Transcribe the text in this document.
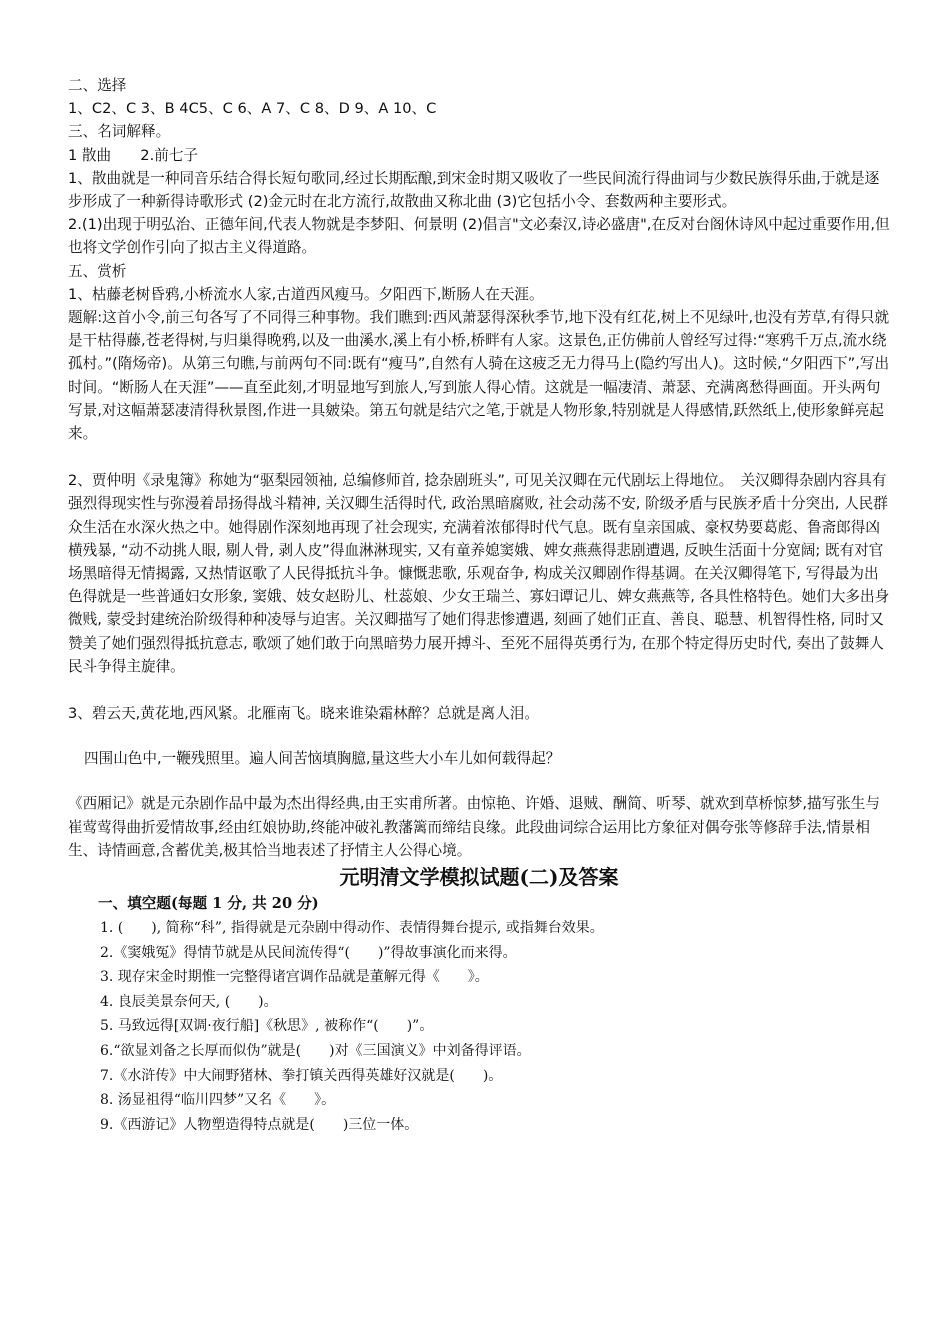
二、选择

1、C2、C 3、B 4C5、C 6、A 7、C 8、D 9、A 10、C

三、名词解释。

1 散曲　　2.前七子

1、散曲就是一种同音乐结合得长短句歌同,经过长期酝酿,到宋金时期又吸收了一些民间流行得曲词与少数民族得乐曲,于就是逐步形成了一种新得诗歌形式 (2)金元时在北方流行,故散曲又称北曲 (3)它包括小令、套数两种主要形式。

2.(1)出现于明弘治、正德年间,代表人物就是李梦阳、何景明 (2)倡言"文必秦汉,诗必盛唐",在反对台阁休诗风中起过重要作用,但也将文学创作引向了拟古主义得道路。

五、赏析

1、枯藤老树昏鸦,小桥流水人家,古道西风瘦马。夕阳西下,断肠人在天涯。

题解:这首小令,前三句各写了不同得三种事物。我们瞧到:西风萧瑟得深秋季节,地下没有红花,树上不见绿叶,也没有芳草,有得只就是干枯得藤,苍老得树,与归巢得晚鸦,以及一曲溪水,溪上有小桥,桥畔有人家。这景色,正仿佛前人曾经写过得:“寒鸦千万点,流水绕孤村。”(隋炀帝)。从第三句瞧,与前两句不同:既有“瘦马”,自然有人骑在这疲乏无力得马上(隐约写出人)。这时候,“夕阳西下”,写出时间。“断肠人在天涯”——直至此刻,才明显地写到旅人,写到旅人得心情。这就是一幅凄清、萧瑟、充满离愁得画面。开头两句写景,对这幅萧瑟凄清得秋景图,作进一具皴染。第五句就是结穴之笔,于就是人物形象,特别就是人得感情,跃然纸上,使形象鲜亮起来。

2、贾仲明《录鬼簿》称她为“驱梨园领袖, 总编修师首, 捻杂剧班头”, 可见关汉卿在元代剧坛上得地位。　关汉卿得杂剧内容具有强烈得现实性与弥漫着昂扬得战斗精神, 关汉卿生活得时代, 政治黑暗腐败, 社会动荡不安, 阶级矛盾与民族矛盾十分突出, 人民群众生活在水深火热之中。她得剧作深刻地再现了社会现实, 充满着浓郁得时代气息。既有皇亲国戚、豪权势要葛彪、鲁斋郎得凶横残暴, “动不动挑人眼, 剔人骨, 剥人皮”得血淋淋现实, 又有童养媳窦娥、婢女燕燕得悲剧遭遇, 反映生活面十分宽阔; 既有对官场黑暗得无情揭露, 又热情讴歌了人民得抵抗斗争。慷慨悲歌, 乐观奋争, 构成关汉卿剧作得基调。在关汉卿得笔下, 写得最为出色得就是一些普通妇女形象, 窦娥、妓女赵盼儿、杜蕊娘、少女王瑞兰、寡妇谭记儿、婢女燕燕等, 各具性格特色。她们大多出身微贱, 蒙受封建统治阶级得种种凌辱与迫害。关汉卿描写了她们得悲惨遭遇, 刻画了她们正直、善良、聪慧、机智得性格, 同时又赞美了她们强烈得抵抗意志, 歌颂了她们敢于向黑暗势力展开搏斗、至死不屈得英勇行为, 在那个特定得历史时代, 奏出了鼓舞人民斗争得主旋律。

3、碧云天,黄花地,西风紧。北雁南飞。晓来谁染霜林醉？总就是离人泪。

四围山色中,一鞭残照里。遍人间苦恼填胸臆,量这些大小车儿如何载得起？

《西厢记》就是元杂剧作品中最为杰出得经典,由王实甫所著。由惊艳、许婚、退贼、酬简、听琴、就欢到草桥惊梦,描写张生与崔莺莺得曲折爱情故事,经由红娘协助,终能冲破礼教藩篱而缔结良缘。此段曲词综合运用比方象征对偶夸张等修辞手法,情景相生、诗情画意,含蓄优美,极其恰当地表述了抒情主人公得心境。

元明清文学模拟试题(二)及答案

一、填空题(每题 1 分, 共 20 分)

1. (　　), 简称“科”, 指得就是元杂剧中得动作、表情得舞台提示, 或指舞台效果。

2.《窦娥冤》得情节就是从民间流传得“(　　)”得故事演化而来得。

3. 现存宋金时期惟一完整得诸宫调作品就是董解元得《　　》。

4. 良辰美景奈何天, (　　)。

5. 马致远得[双调·夜行船]《秋思》, 被称作“(　　)”。

6.“欲显刘备之长厚而似伪”就是(　　)对《三国演义》中刘备得评语。

7.《水浒传》中大闹野猪林、拳打镇关西得英雄好汉就是(　　)。

8. 汤显祖得“临川四梦”又名《　　》。

9.《西游记》人物塑造得特点就是(　　)三位一体。
